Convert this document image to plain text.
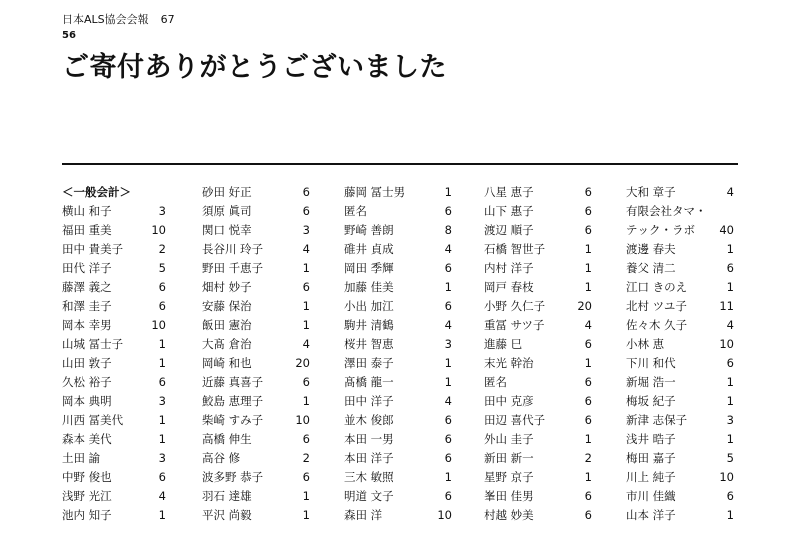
日本ALS協会会報 67
56
ご寄付ありがとうございました
＜一般会計＞
横山 和子	3
福田 重美	10
田中 貴美子	2
田代 洋子	5
藤澤 義之	6
和澤 圭子	6
岡本 幸男	10
山城 冨士子	1
山田 敦子	1
久松 裕子	6
岡本 典明	3
川西 冨美代	1
森本 美代	1
土田 諭	3
中野 俊也	6
浅野 光江	4
池内 知子	1
砂田 好正	6
須原 眞司	6
関口 悦幸	3
長谷川 玲子	4
野田 千恵子	1
畑村 妙子	6
安藤 保治	1
飯田 憲治	1
大髙 倉治	4
岡崎 和也	20
近藤 真喜子	6
鮫島 恵理子	1
柴崎 すみ子	10
高橋 伸生	6
高谷 修	2
波多野 恭子	6
羽石 達雄	1
平沢 尚毅	1
藤岡 冨士男	1
匿名	6
野崎 善朗	8
碓井 貞成	4
岡田 季輝	6
加藤 佳美	1
小出 加江	6
駒井 清鶴	4
桜井 智恵	3
澤田 泰子	1
髙橋 龍一	1
田中 洋子	4
並木 俊郎	6
本田 一男	6
本田 洋子	6
三木 敏照	1
明道 文子	6
森田 洋	10
八星 恵子	6
山下 惠子	6
渡辺 順子	6
石橋 智世子	1
内村 洋子	1
岡戸 春枝	1
小野 久仁子	20
重冨 サツ子	4
進藤 巳	6
末光 幹治	1
匿名	6
田中 克彦	6
田辺 喜代子	6
外山 圭子	1
新田 新一	2
星野 京子	1
峯田 佳男	6
村越 妙美	6
大和 章子	4
有限会社タマ・
テック・ラボ 40
渡邊 春夫	1
養父 清二	6
江口 きのえ	1
北村 ツユ子	11
佐々木 久子	4
小林 恵	10
下川 和代	6
新堀 浩一	1
梅坂 紀子	1
新津 志保子	3
浅井 晧子	1
梅田 嘉子	5
川上 純子	10
市川 佳織	6
山本 洋子	1
